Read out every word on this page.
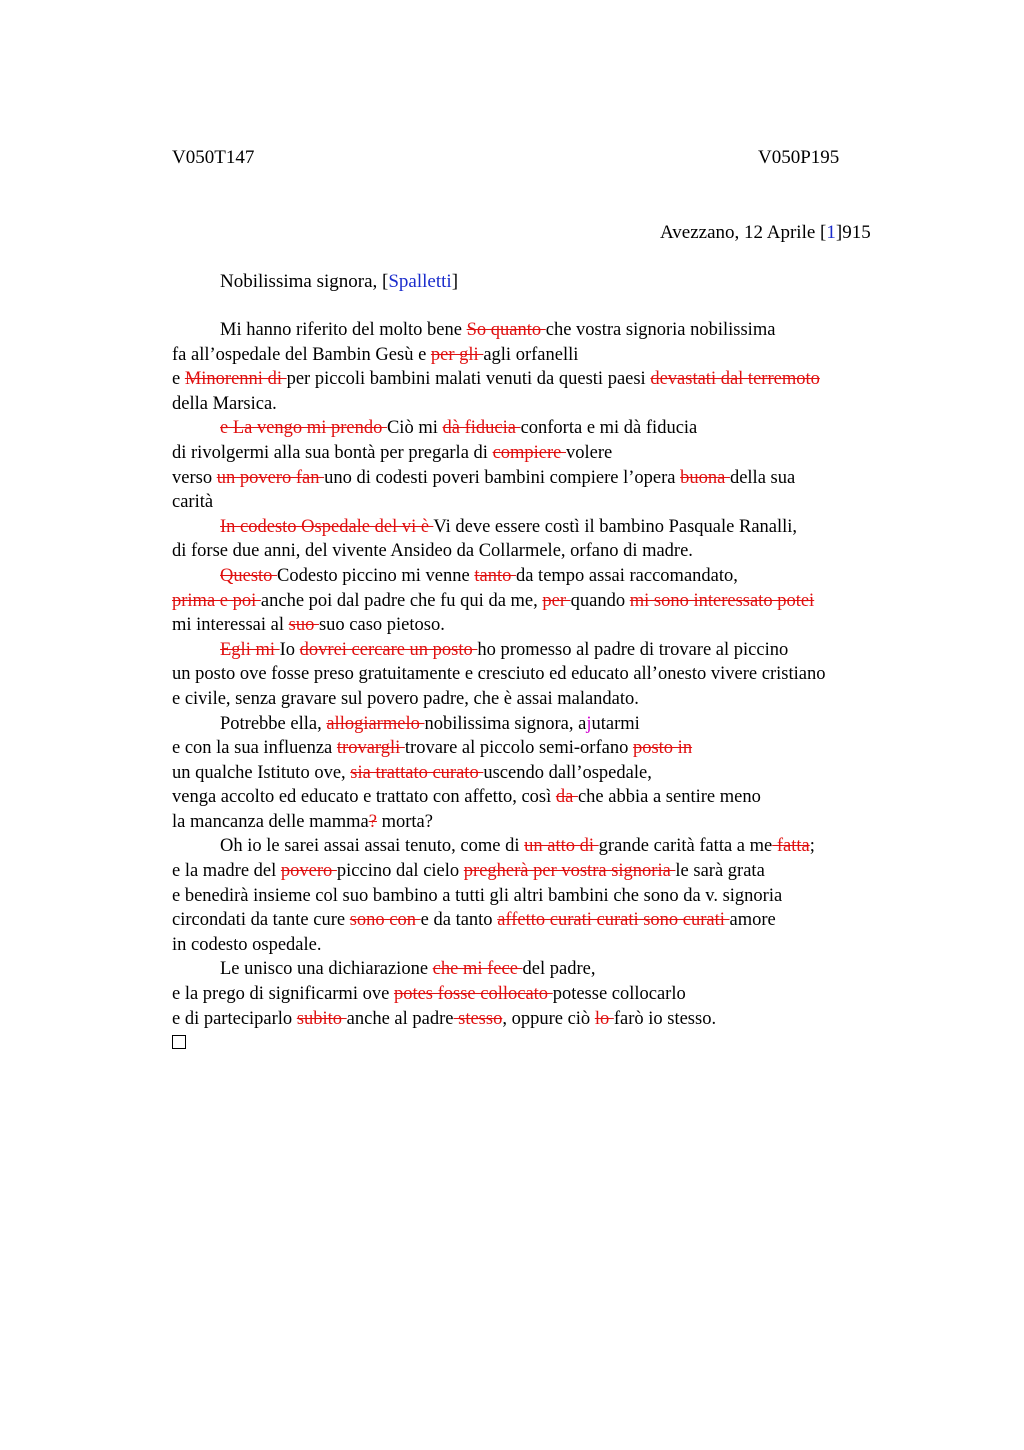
V050T147	V050P195
Avezzano, 12 Aprile [1]915
Nobilissima signora, [Spalletti]
Mi hanno riferito del molto bene So quanto che vostra signoria nobilissima
fa all’ospedale del Bambin Gesù e per gli agli orfanelli
e Minorenni di per piccoli bambini malati venuti da questi paesi devastati dal terremoto
della Marsica.
e La vengo mi prendo Ciò mi dà fiducia conforta e mi dà fiducia
di rivolgermi alla sua bontà per pregarla di compiere volere
verso un povero fan uno di codesti poveri bambini compiere l’opera buona della sua
carità
In codesto Ospedale del vi è Vi deve essere costì il bambino Pasquale Ranalli,
di forse due anni, del vivente Ansideo da Collarmele, orfano di madre.
Questo Codesto piccino mi venne tanto da tempo assai raccomandato,
prima e poi anche poi dal padre che fu qui da me, per quando mi sono interessato potei
mi interessai al suo suo caso pietoso.
Egli mi Io dovrei cercare un posto ho promesso al padre di trovare al piccino
un posto ove fosse preso gratuitamente e cresciuto ed educato all’onesto vivere cristiano
e civile, senza gravare sul povero padre, che è assai malandato.
Potrebbe ella, allogiarmelo nobilissima signora, ajutarmi
e con la sua influenza trovargli trovare al piccolo semi-orfano posto in
un qualche Istituto ove, sia trattato curato uscendo dall’ospedale,
venga accolto ed educato e trattato con affetto, così da che abbia a sentire meno
la mancanza delle mamma? morta?
Oh io le sarei assai assai tenuto, come di un atto di grande carità fatta a me fatta;
e la madre del povero piccino dal cielo pregherà per vostra signoria le sarà grata
e benedirà insieme col suo bambino a tutti gli altri bambini che sono da v. signoria
circondati da tante cure sono con e da tanto affetto curati curati sono curati amore
in codesto ospedale.
Le unisco una dichiarazione che mi fece del padre,
e la prego di significarmi ove potes fosse collocato potesse collocarlo
e di parteciparlo subito anche al padre stesso, oppure ciò lo farò io stesso.
